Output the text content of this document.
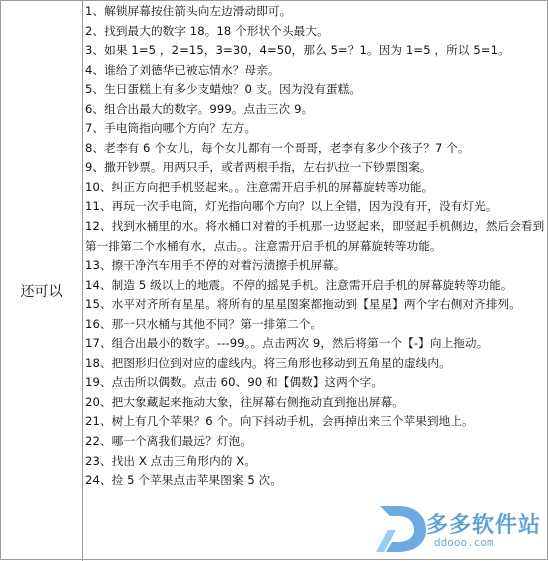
还可以
1、解锁屏幕按住箭头向左边滑动即可。
2、找到最大的数字 18。18 个形状个头最大。
3、如果 1=5 ，2=15，3=30，4=50，那么 5=？1。因为 1=5 ，所以 5=1。
4、谁给了刘德华已被忘情水？母亲。
5、生日蛋糕上有多少支蜡烛？0 支。因为没有蛋糕。
6、组合出最大的数字。999。点击三次 9。
7、手电筒指向哪个方向？左方。
8、老李有 6 个女儿，每个女儿都有一个哥哥，老李有多少个孩子？7 个。
9、撒开钞票。用两只手，或者两根手指，左右扒拉一下钞票图案。
10、纠正方向把手机竖起来。。注意需开启手机的屏幕旋转等功能。
11、再玩一次手电筒，灯光指向哪个方向？以上全错，因为没有开，没有灯光。
12、找到水桶里的水。将水桶口对着的手机那一边竖起来，即竖起手机侧边，然后会看到第一排第二个水桶有水，点击。。注意需开启手机的屏幕旋转等功能。
13、擦干净汽车用手不停的对着污渍擦手机屏幕。
14、制造 5 级以上的地震。不停的摇晃手机。注意需开启手机的屏幕旋转等功能。
15、水平对齐所有星星。将所有的星星图案都拖动到【星星】两个字右侧对齐排列。
16、那一只水桶与其他不同？第一排第二个。
17、组合出最小的数字。---99。。点击两次 9，然后将第一个【-】向上拖动。
18、把图形归位到对应的虚线内。将三角形也移动到五角星的虚线内。
19、点击所以偶数。点击 60、90 和【偶数】这两个字。
20、把大象藏起来拖动大象，往屏幕右侧拖动直到拖出屏幕。
21、树上有几个苹果？6 个。向下抖动手机，会再掉出来三个苹果到地上。
22、哪一个离我们最远？灯泡。
23、找出 X 点击三角形内的 X。
24、捡 5 个苹果点击苹果图案 5 次。
多多软件站
ddooo.com
